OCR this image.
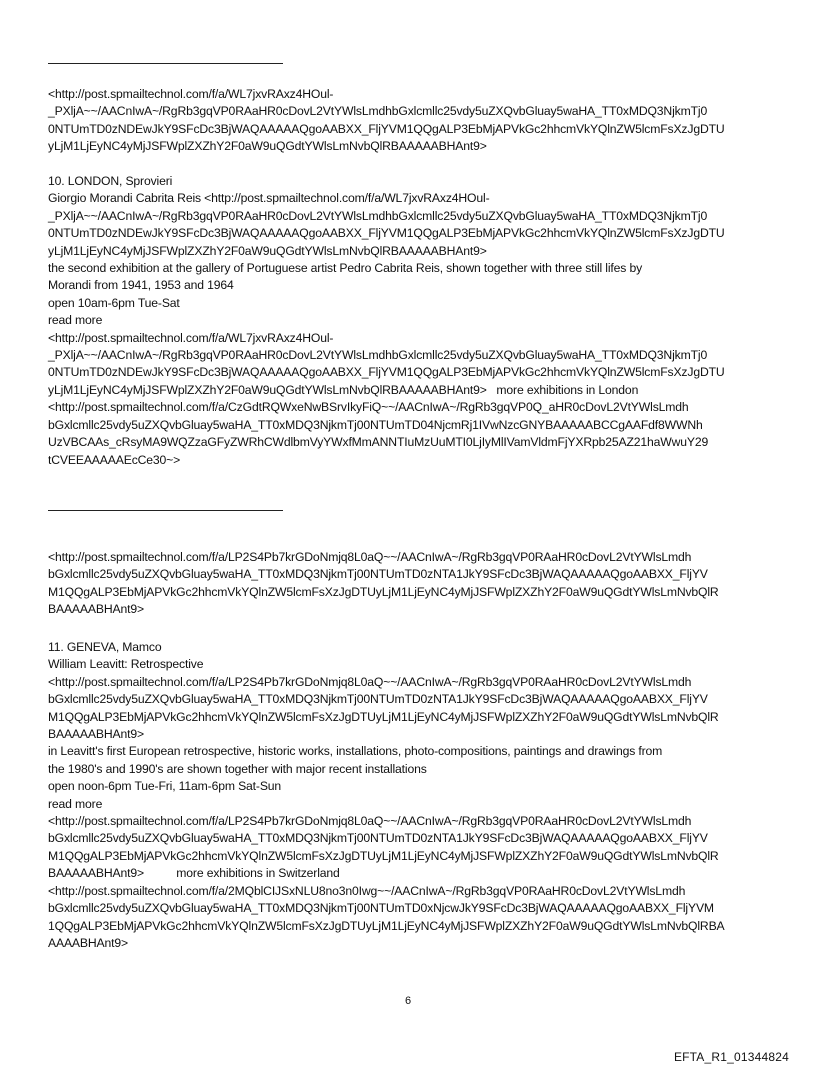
<http://post.spmailtechnol.com/f/a/WL7jxvRAxz4HOul-
_PXljA~~/AACnIwA~/RgRb3gqVP0RAaHR0cDovL2VtYWlsLmdhbGxlcmllc25vdy5uZXQvbGluay5waHA_TT0xMDQ3NjkmTj0
0NTUmTD0zNDEwJkY9SFcDc3BjWAQAAAAAQgoAABXX_FljYVM1QQgALP3EbMjAPVkGc2hhcmVkYQlnZW5lcmFsXzJgDTU
yLjM1LjEyNC4yMjJSFWplZXZhY2F0aW9uQGdtYWlsLmNvbQlRBAAAAABHAnt9>
10. LONDON, Sprovieri
Giorgio Morandi Cabrita Reis <http://post.spmailtechnol.com/f/a/WL7jxvRAxz4HOul-
_PXljA~~/AACnIwA~/RgRb3gqVP0RAaHR0cDovL2VtYWlsLmdhbGxlcmllc25vdy5uZXQvbGluay5waHA_TT0xMDQ3NjkmTj0
0NTUmTD0zNDEwJkY9SFcDc3BjWAQAAAAAQgoAABXX_FljYVM1QQgALP3EbMjAPVkGc2hhcmVkYQlnZW5lcmFsXzJgDTU
yLjM1LjEyNC4yMjJSFWplZXZhY2F0aW9uQGdtYWlsLmNvbQlRBAAAAABHAnt9>
the second exhibition at the gallery of Portuguese artist Pedro Cabrita Reis, shown together with three still lifes by
Morandi from 1941, 1953 and 1964
open 10am-6pm Tue-Sat
read more
<http://post.spmailtechnol.com/f/a/WL7jxvRAxz4HOul-
_PXljA~~/AACnIwA~/RgRb3gqVP0RAaHR0cDovL2VtYWlsLmdhbGxlcmllc25vdy5uZXQvbGluay5waHA_TT0xMDQ3NjkmTj0
0NTUmTD0zNDEwJkY9SFcDc3BjWAQAAAAAQgoAABXX_FljYVM1QQgALP3EbMjAPVkGc2hhcmVkYQlnZW5lcmFsXzJgDTU
yLjM1LjEyNC4yMjJSFWplZXZhY2F0aW9uQGdtYWlsLmNvbQlRBAAAAABHAnt9>   more exhibitions in London
<http://post.spmailtechnol.com/f/a/CzGdtRQWxeNwBSrvIkyFiQ~~/AACnIwA~/RgRb3gqVP0Q_aHR0cDovL2VtYWlsLmdh
bGxlcmllc25vdy5uZXQvbGluay5waHA_TT0xMDQ3NjkmTj00NTUmTD04NjcmRj1IVwNzcGNYBAAAAABCCgAAFdf8WWNh
UzVBCAAs_cRsyMA9WQZzaGFyZWRhCWdlbmVyYWxfMmANNTIuMzUuMTI0LjIyMlIVamVldmFjYXRpb25AZ21haWwuY29
tCVEEAAAAAEcCe30~>
<http://post.spmailtechnol.com/f/a/LP2S4Pb7krGDoNmjq8L0aQ~~/AACnIwA~/RgRb3gqVP0RAaHR0cDovL2VtYWlsLmdh
bGxlcmllc25vdy5uZXQvbGluay5waHA_TT0xMDQ3NjkmTj00NTUmTD0zNTA1JkY9SFcDc3BjWAQAAAAAQgoAABXX_FljYV
M1QQgALP3EbMjAPVkGc2hhcmVkYQlnZW5lcmFsXzJgDTUyLjM1LjEyNC4yMjJSFWplZXZhY2F0aW9uQGdtYWlsLmNvbQlR
BAAAAABHAnt9>
11. GENEVA, Mamco
William Leavitt: Retrospective
<http://post.spmailtechnol.com/f/a/LP2S4Pb7krGDoNmjq8L0aQ~~/AACnIwA~/RgRb3gqVP0RAaHR0cDovL2VtYWlsLmdh
bGxlcmllc25vdy5uZXQvbGluay5waHA_TT0xMDQ3NjkmTj00NTUmTD0zNTA1JkY9SFcDc3BjWAQAAAAAQgoAABXX_FljYV
M1QQgALP3EbMjAPVkGc2hhcmVkYQlnZW5lcmFsXzJgDTUyLjM1LjEyNC4yMjJSFWplZXZhY2F0aW9uQGdtYWlsLmNvbQlR
BAAAAABHAnt9>
in Leavitt's first European retrospective, historic works, installations, photo-compositions, paintings and drawings from
the 1980's and 1990's are shown together with major recent installations
open noon-6pm Tue-Fri, 11am-6pm Sat-Sun
read more
<http://post.spmailtechnol.com/f/a/LP2S4Pb7krGDoNmjq8L0aQ~~/AACnIwA~/RgRb3gqVP0RAaHR0cDovL2VtYWlsLmdh
bGxlcmllc25vdy5uZXQvbGluay5waHA_TT0xMDQ3NjkmTj00NTUmTD0zNTA1JkY9SFcDc3BjWAQAAAAAQgoAABXX_FljYV
M1QQgALP3EbMjAPVkGc2hhcmVkYQlnZW5lcmFsXzJgDTUyLjM1LjEyNC4yMjJSFWplZXZhY2F0aW9uQGdtYWlsLmNvbQlR
BAAAAABHAnt9>          more exhibitions in Switzerland
<http://post.spmailtechnol.com/f/a/2MQblCIJSxNLU8no3n0Iwg~~/AACnIwA~/RgRb3gqVP0RAaHR0cDovL2VtYWlsLmdh
bGxlcmllc25vdy5uZXQvbGluay5waHA_TT0xMDQ3NjkmTj00NTUmTD0xNjcwJkY9SFcDc3BjWAQAAAAAQgoAABXX_FljYVM
1QQgALP3EbMjAPVkGc2hhcmVkYQlnZW5lcmFsXzJgDTUyLjM1LjEyNC4yMjJSFWplZXZhY2F0aW9uQGdtYWlsLmNvbQlRBA
AAAABHAnt9>
6
EFTA_R1_01344824
